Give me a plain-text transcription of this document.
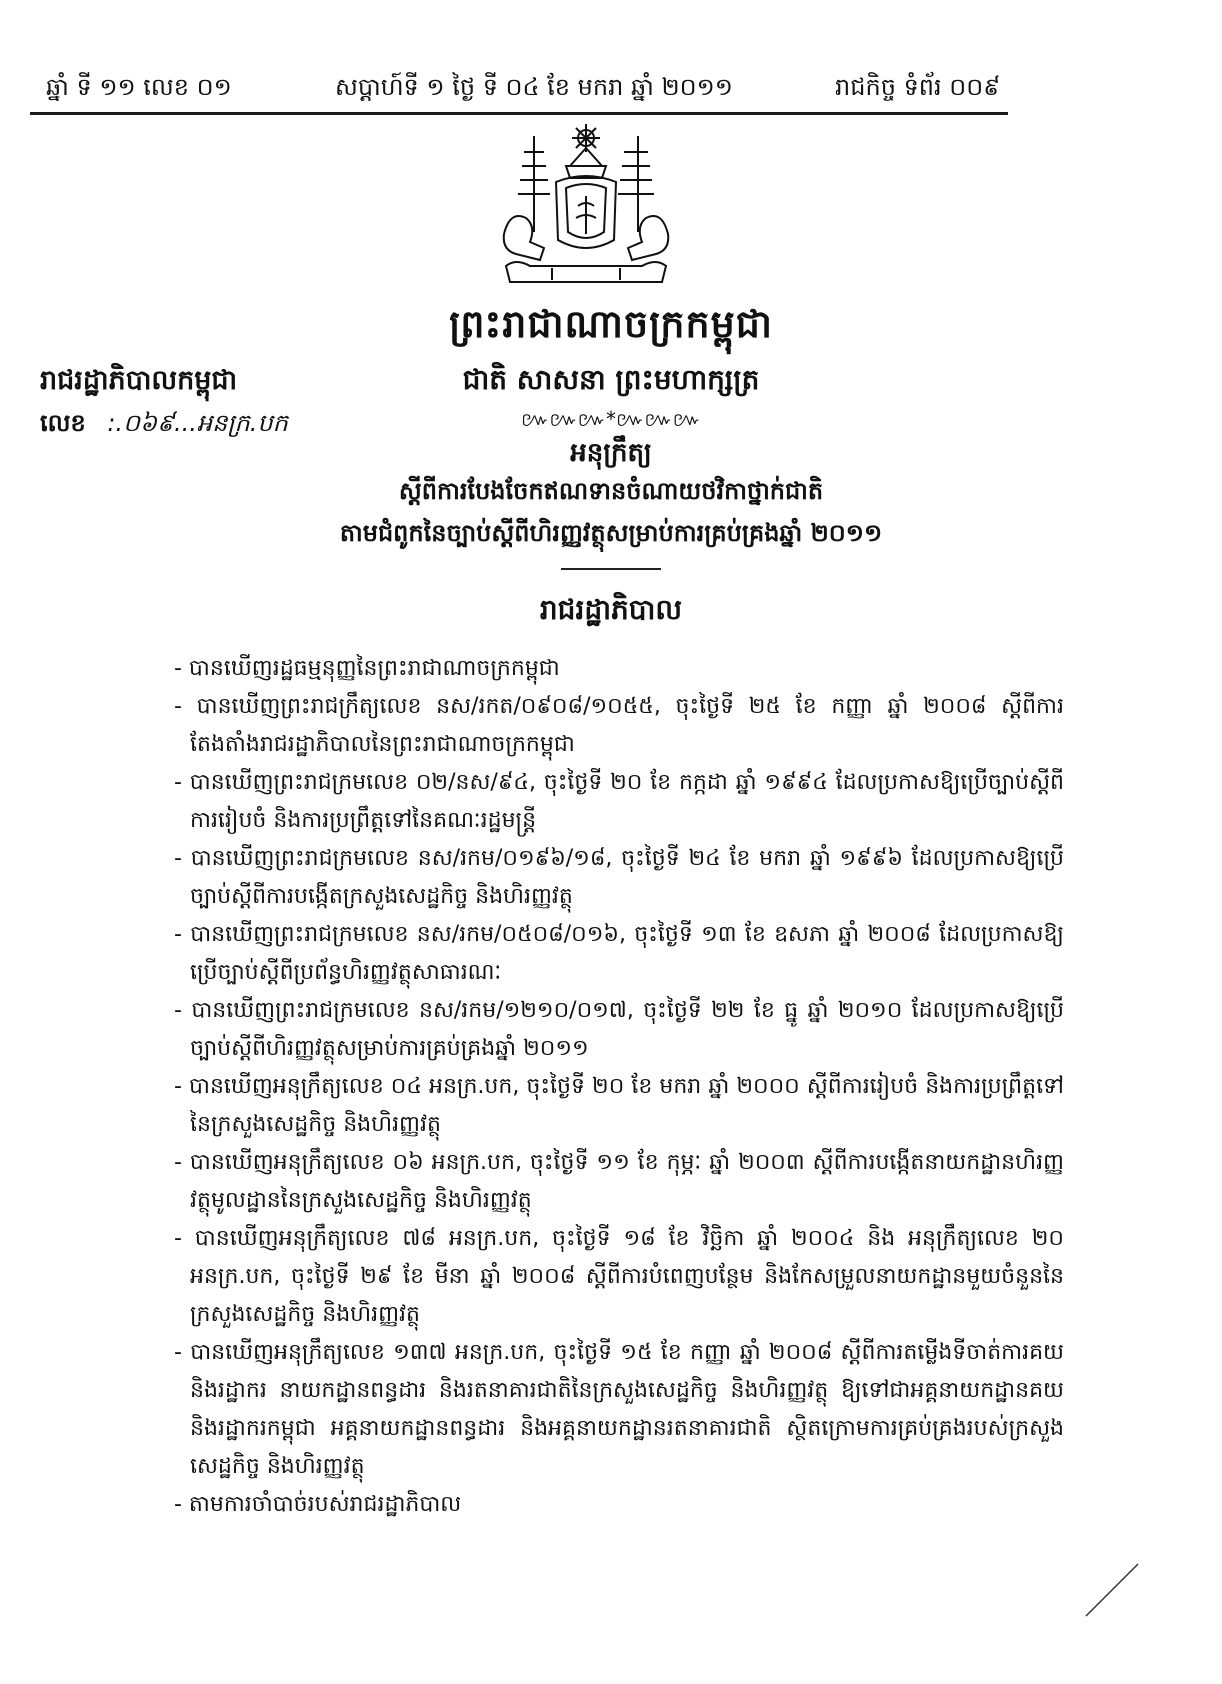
ឆ្នាំ ទី ១១ លេខ ០១	សប្តាហ៍ទី ១ ថ្ងៃ ទី ០៤ ខែ មករា ឆ្នាំ ២០១១	រាជកិច្ច ទំព័រ ០០៩
ព្រះរាជាណាចក្រកម្ពុជា
រាជរដ្ឋាភិបាលកម្ពុជា	ជាតិ សាសនា ព្រះមហាក្សត្រ
៚៚៚*៚៚៚
លេខ :.០៦៩...អនក្រ.បក
អនុក្រឹត្យ
ស្តីពីការបែងចែកឥណទានចំណាយថវិកាថ្នាក់ជាតិ
តាមជំពូកនៃច្បាប់ស្តីពីហិរញ្ញវត្ថុសម្រាប់ការគ្រប់គ្រងឆ្នាំ ២០១១
រាជរដ្ឋាភិបាល
- បានឃើញរដ្ឋធម្មនុញ្ញនៃព្រះរាជាណាចក្រកម្ពុជា
- បានឃើញព្រះរាជក្រឹត្យលេខ នស/រកត/០៩០៨/១០៥៥, ចុះថ្ងៃទី ២៥ ខែ កញ្ញា ឆ្នាំ ២០០៨ ស្តីពីការតែងតាំងរាជរដ្ឋាភិបាលនៃព្រះរាជាណាចក្រកម្ពុជា
- បានឃើញព្រះរាជក្រមលេខ ០២/នស/៩៤, ចុះថ្ងៃទី ២០ ខែ កក្កដា ឆ្នាំ ១៩៩៤ ដែលប្រកាសឱ្យប្រើច្បាប់ស្តីពីការរៀបចំ និងការប្រព្រឹត្តទៅនៃគណៈរដ្ឋមន្ត្រី
- បានឃើញព្រះរាជក្រមលេខ នស/រកម/០១៩៦/១៨, ចុះថ្ងៃទី ២៤ ខែ មករា ឆ្នាំ ១៩៩៦ ដែលប្រកាសឱ្យប្រើច្បាប់ស្តីពីការបង្កើតក្រសួងសេដ្ឋកិច្ច និងហិរញ្ញវត្ថុ
- បានឃើញព្រះរាជក្រមលេខ នស/រកម/០៥០៨/០១៦, ចុះថ្ងៃទី ១៣ ខែ ឧសភា ឆ្នាំ ២០០៨ ដែលប្រកាសឱ្យប្រើច្បាប់ស្តីពីប្រព័ន្ធហិរញ្ញវត្ថុសាធារណៈ
- បានឃើញព្រះរាជក្រមលេខ នស/រកម/១២១០/០១៧, ចុះថ្ងៃទី ២២ ខែ ធ្នូ ឆ្នាំ ២០១០ ដែលប្រកាសឱ្យប្រើច្បាប់ស្តីពីហិរញ្ញវត្ថុសម្រាប់ការគ្រប់គ្រងឆ្នាំ ២០១១
- បានឃើញអនុក្រឹត្យលេខ ០៤ អនក្រ.បក, ចុះថ្ងៃទី ២០ ខែ មករា ឆ្នាំ ២០០០ ស្តីពីការរៀបចំ និងការប្រព្រឹត្តទៅនៃក្រសួងសេដ្ឋកិច្ច និងហិរញ្ញវត្ថុ
- បានឃើញអនុក្រឹត្យលេខ ០៦ អនក្រ.បក, ចុះថ្ងៃទី ១១ ខែ កុម្ភៈ ឆ្នាំ ២០០៣ ស្តីពីការបង្កើតនាយកដ្ឋានហិរញ្ញវត្ថុមូលដ្ឋាននៃក្រសួងសេដ្ឋកិច្ច និងហិរញ្ញវត្ថុ
- បានឃើញអនុក្រឹត្យលេខ ៧៨ អនក្រ.បក, ចុះថ្ងៃទី ១៨ ខែ វិច្ឆិកា ឆ្នាំ ២០០៤ និង អនុក្រឹត្យលេខ ២០ អនក្រ.បក, ចុះថ្ងៃទី ២៩ ខែ មីនា ឆ្នាំ ២០០៨ ស្តីពីការបំពេញបន្ថែម និងកែសម្រួលនាយកដ្ឋានមួយចំនួននៃក្រសួងសេដ្ឋកិច្ច និងហិរញ្ញវត្ថុ
- បានឃើញអនុក្រឹត្យលេខ ១៣៧ អនក្រ.បក, ចុះថ្ងៃទី ១៥ ខែ កញ្ញា ឆ្នាំ ២០០៨ ស្តីពីការតម្លើងទីចាត់ការគយ និងរដ្ឋាករ នាយកដ្ឋានពន្ធដារ និងរតនាគារជាតិនៃក្រសួងសេដ្ឋកិច្ច និងហិរញ្ញវត្ថុ ឱ្យទៅជាអគ្គនាយកដ្ឋានគយ និងរដ្ឋាករកម្ពុជា អគ្គនាយកដ្ឋានពន្ធដារ និងអគ្គនាយកដ្ឋានរតនាគារជាតិ ស្ថិតក្រោមការគ្រប់គ្រងរបស់ក្រសួងសេដ្ឋកិច្ច និងហិរញ្ញវត្ថុ
- តាមការចាំបាច់របស់រាជរដ្ឋាភិបាល
